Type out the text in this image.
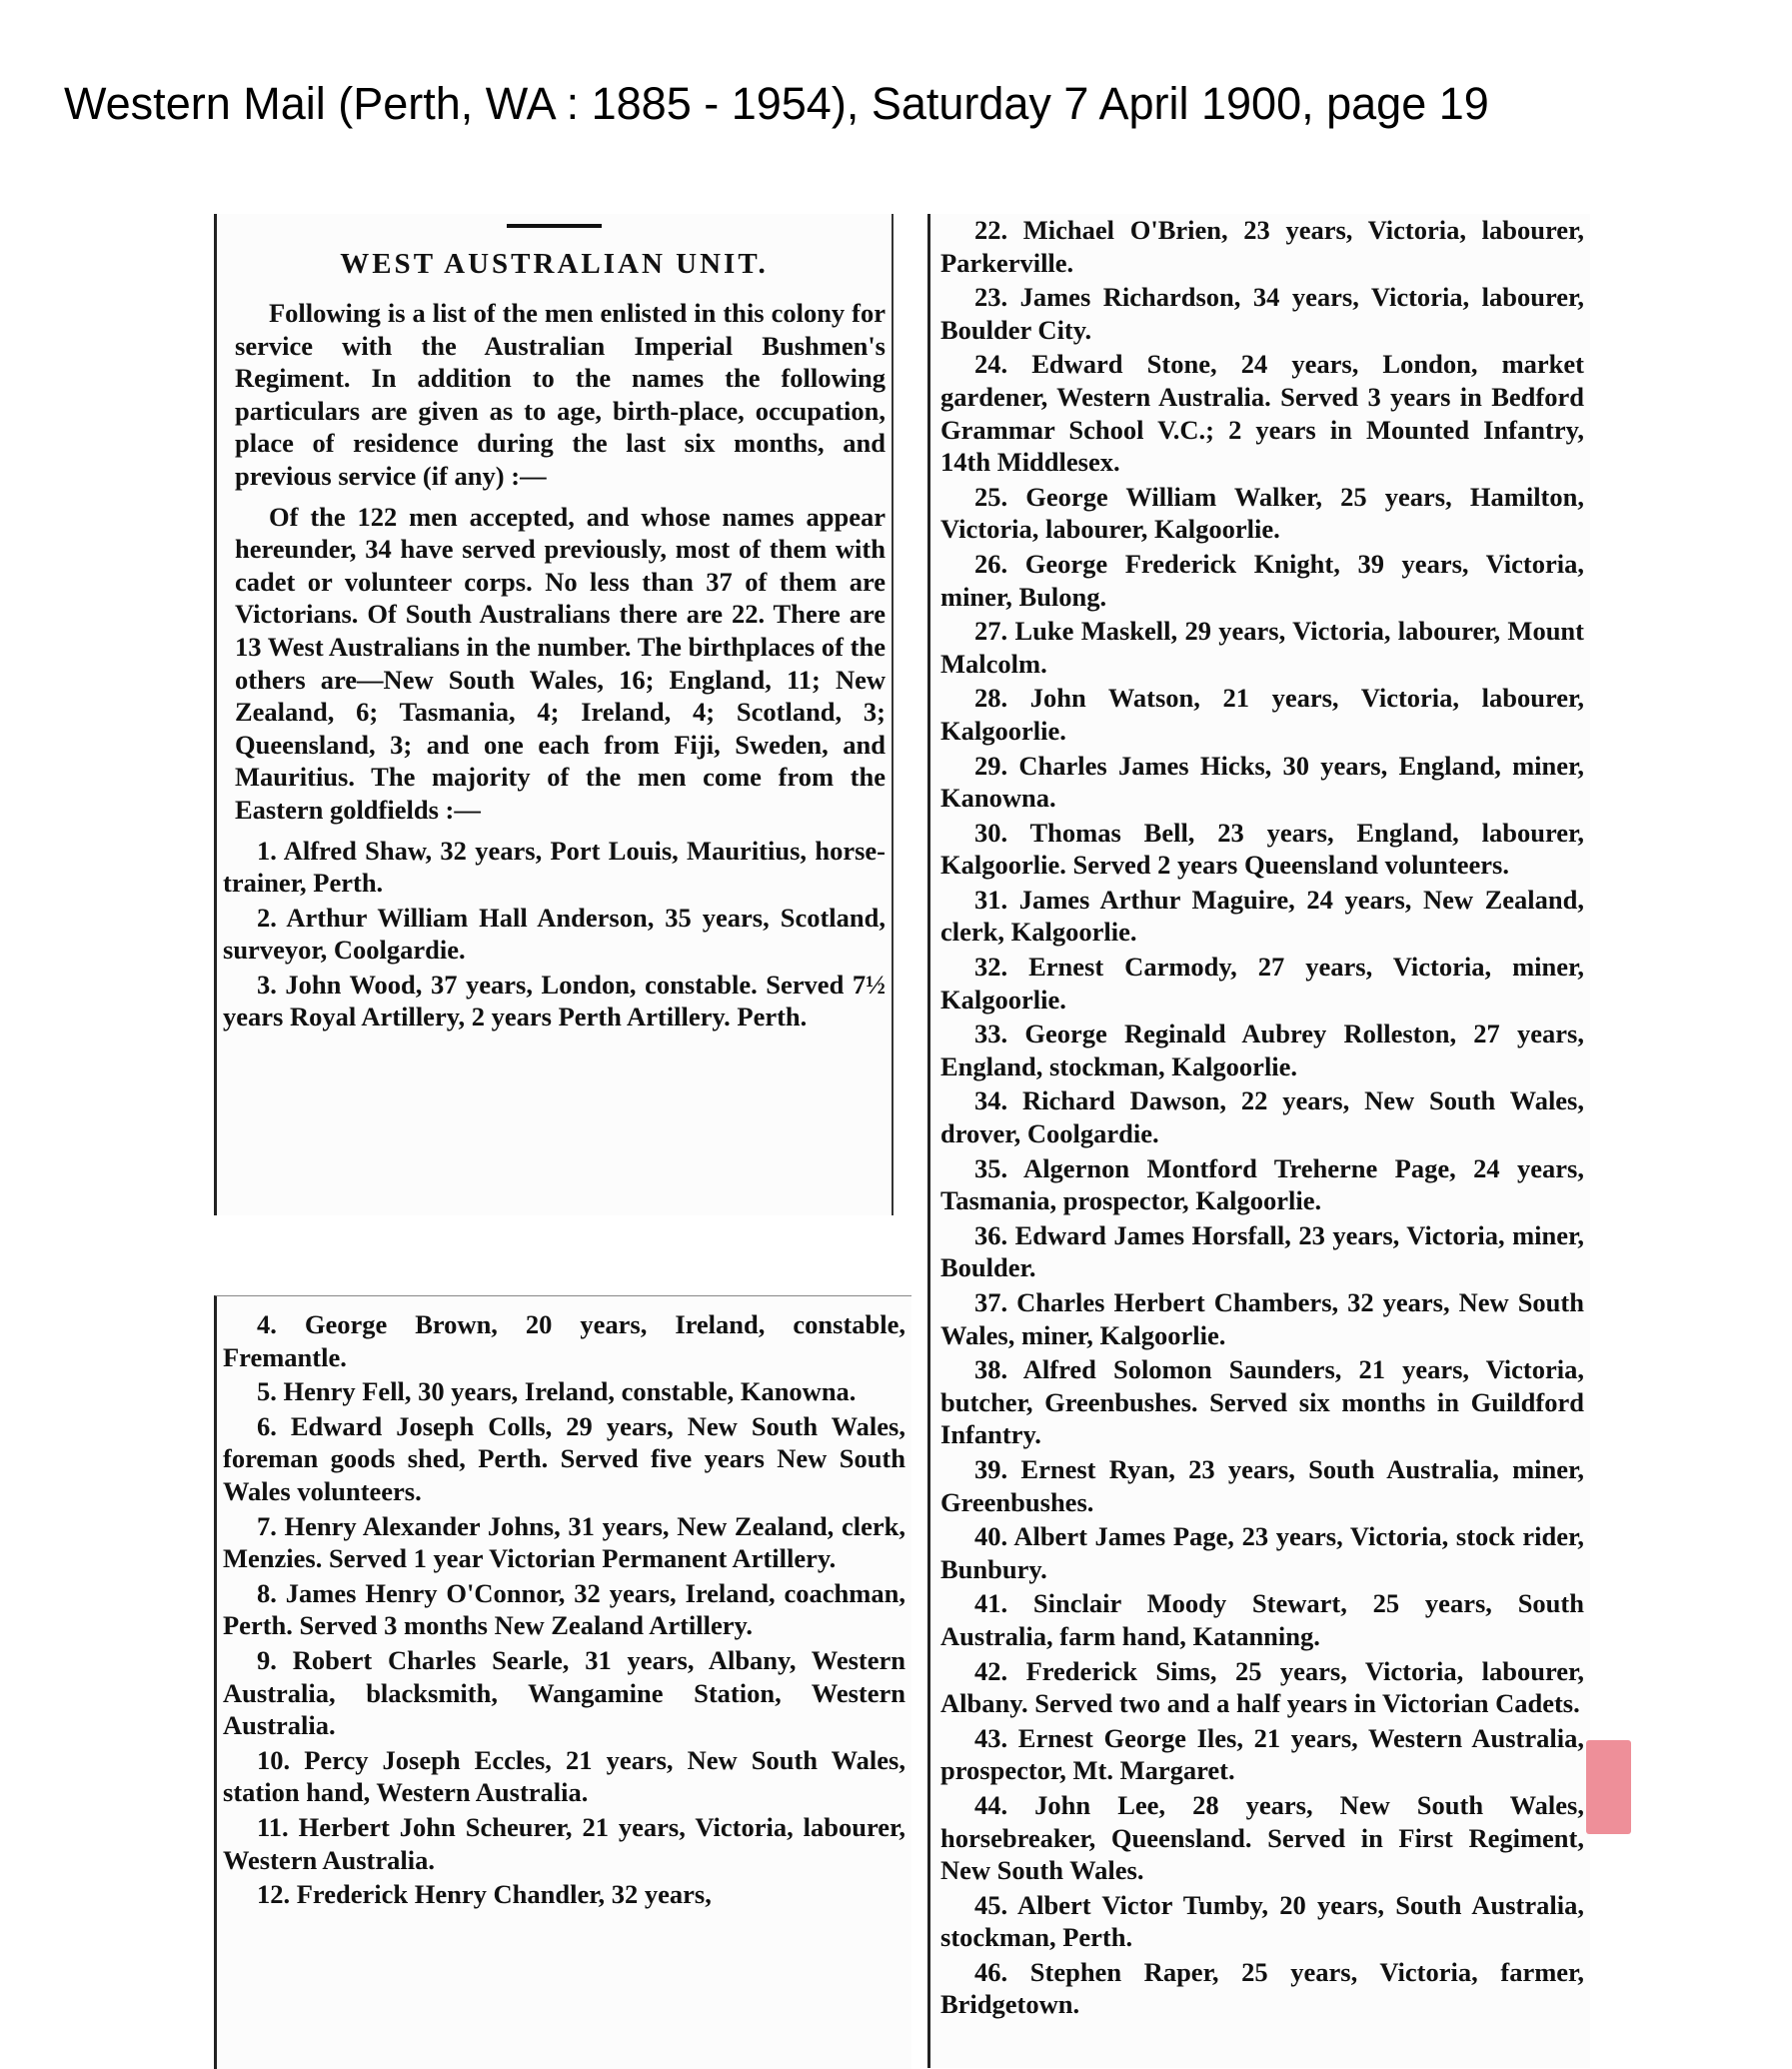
Western Mail (Perth, WA : 1885 - 1954), Saturday 7 April 1900, page 19
WEST AUSTRALIAN UNIT.
Following is a list of the men enlisted in this colony for service with the Australian Imperial Bushmen's Regiment. In addition to the names the following particulars are given as to age, birth-place, occupation, place of residence during the last six months, and previous service (if any) :—
Of the 122 men accepted, and whose names appear hereunder, 34 have served previously, most of them with cadet or volunteer corps. No less than 37 of them are Victorians. Of South Australians there are 22. There are 13 West Australians in the number. The birthplaces of the others are—New South Wales, 16; England, 11; New Zealand, 6; Tasmania, 4; Ireland, 4; Scotland, 3; Queensland, 3; and one each from Fiji, Sweden, and Mauritius. The majority of the men come from the Eastern goldfields :—
1. Alfred Shaw, 32 years, Port Louis, Mauritius, horse-trainer, Perth.
2. Arthur William Hall Anderson, 35 years, Scotland, surveyor, Coolgardie.
3. John Wood, 37 years, London, constable. Served 7½ years Royal Artillery, 2 years Perth Artillery. Perth.
4. George Brown, 20 years, Ireland, constable, Fremantle.
5. Henry Fell, 30 years, Ireland, constable, Kanowna.
6. Edward Joseph Colls, 29 years, New South Wales, foreman goods shed, Perth. Served five years New South Wales volunteers.
7. Henry Alexander Johns, 31 years, New Zealand, clerk, Menzies. Served 1 year Victorian Permanent Artillery.
8. James Henry O'Connor, 32 years, Ireland, coachman, Perth. Served 3 months New Zealand Artillery.
9. Robert Charles Searle, 31 years, Albany, Western Australia, blacksmith, Wangamine Station, Western Australia.
10. Percy Joseph Eccles, 21 years, New South Wales, station hand, Western Australia.
11. Herbert John Scheurer, 21 years, Victoria, labourer, Western Australia.
12. Frederick Henry Chandler, 32 years,
22. Michael O'Brien, 23 years, Victoria, labourer, Parkerville.
23. James Richardson, 34 years, Victoria, labourer, Boulder City.
24. Edward Stone, 24 years, London, market gardener, Western Australia. Served 3 years in Bedford Grammar School V.C.; 2 years in Mounted Infantry, 14th Middlesex.
25. George William Walker, 25 years, Hamilton, Victoria, labourer, Kalgoorlie.
26. George Frederick Knight, 39 years, Victoria, miner, Bulong.
27. Luke Maskell, 29 years, Victoria, labourer, Mount Malcolm.
28. John Watson, 21 years, Victoria, labourer, Kalgoorlie.
29. Charles James Hicks, 30 years, England, miner, Kanowna.
30. Thomas Bell, 23 years, England, labourer, Kalgoorlie. Served 2 years Queensland volunteers.
31. James Arthur Maguire, 24 years, New Zealand, clerk, Kalgoorlie.
32. Ernest Carmody, 27 years, Victoria, miner, Kalgoorlie.
33. George Reginald Aubrey Rolleston, 27 years, England, stockman, Kalgoorlie.
34. Richard Dawson, 22 years, New South Wales, drover, Coolgardie.
35. Algernon Montford Treherne Page, 24 years, Tasmania, prospector, Kalgoorlie.
36. Edward James Horsfall, 23 years, Victoria, miner, Boulder.
37. Charles Herbert Chambers, 32 years, New South Wales, miner, Kalgoorlie.
38. Alfred Solomon Saunders, 21 years, Victoria, butcher, Greenbushes. Served six months in Guildford Infantry.
39. Ernest Ryan, 23 years, South Australia, miner, Greenbushes.
40. Albert James Page, 23 years, Victoria, stock rider, Bunbury.
41. Sinclair Moody Stewart, 25 years, South Australia, farm hand, Katanning.
42. Frederick Sims, 25 years, Victoria, labourer, Albany. Served two and a half years in Victorian Cadets.
43. Ernest George Iles, 21 years, Western Australia, prospector, Mt. Margaret.
44. John Lee, 28 years, New South Wales, horsebreaker, Queensland. Served in First Regiment, New South Wales.
45. Albert Victor Tumby, 20 years, South Australia, stockman, Perth.
46. Stephen Raper, 25 years, Victoria, farmer, Bridgetown.
